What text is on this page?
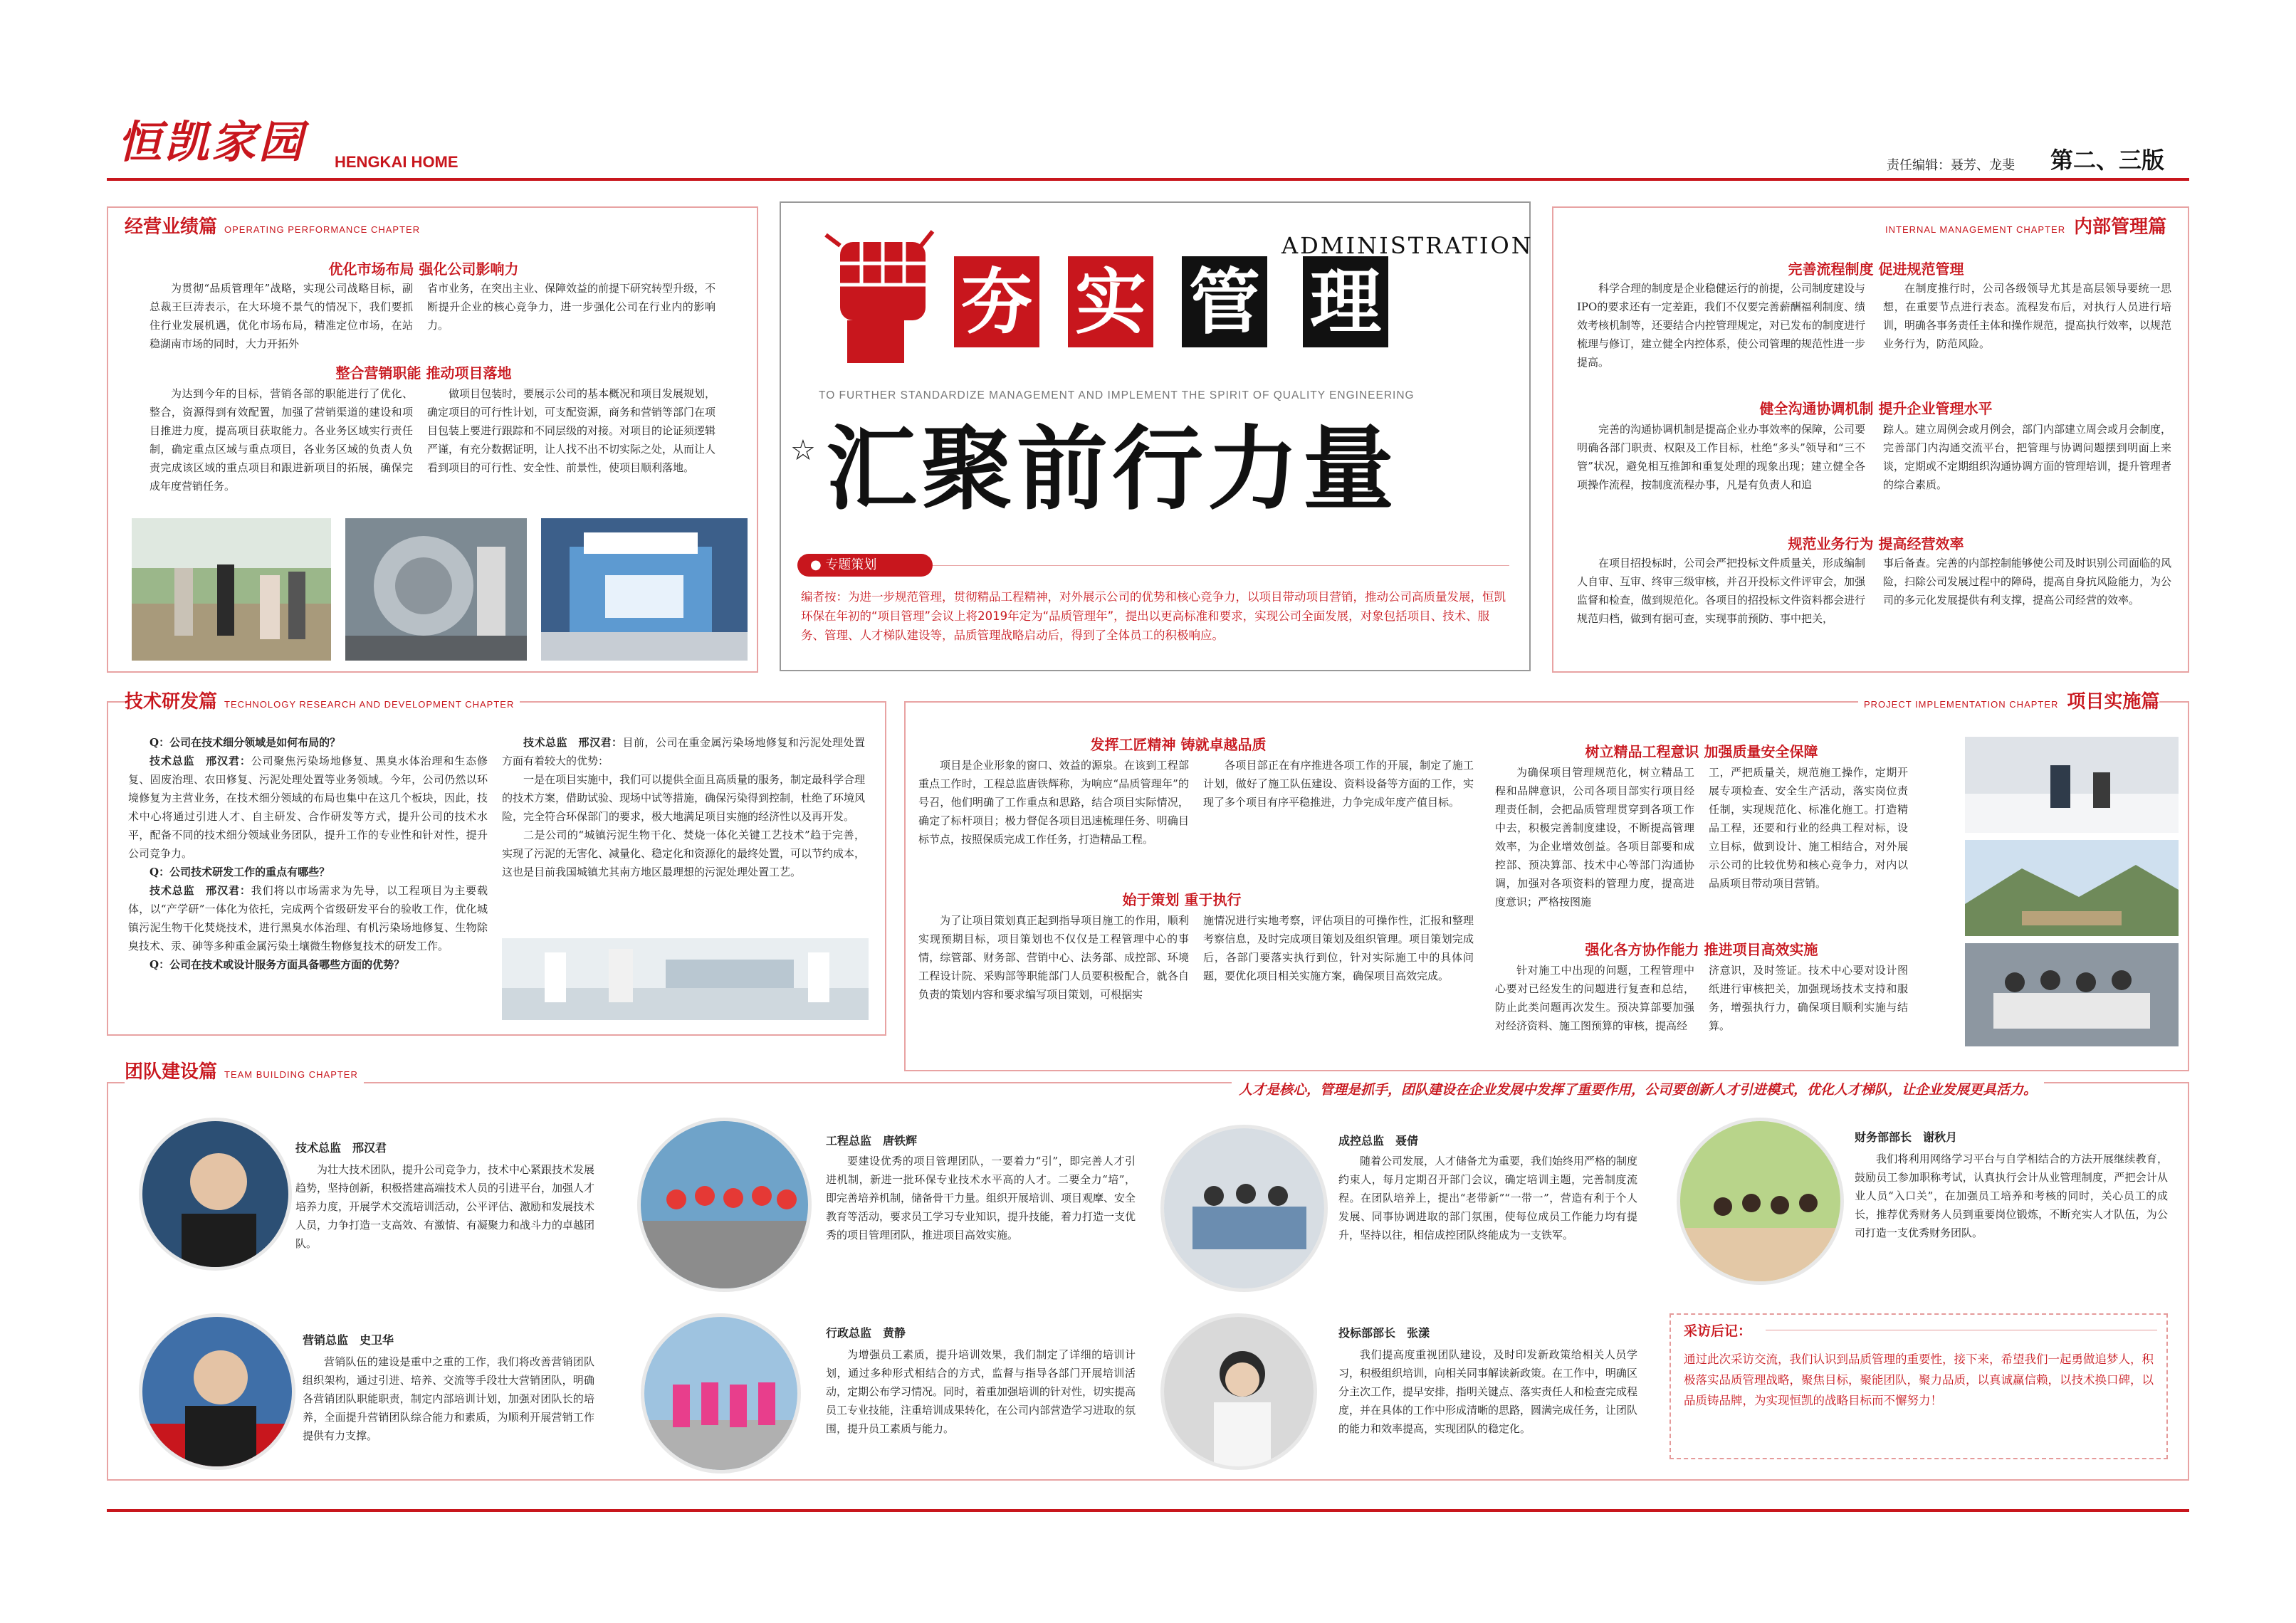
恒凯家园	HENGKAI HOME	责任编辑：聂芳、龙斐 第二、三版
经营业绩篇 OPERATING PERFORMANCE CHAPTER
优化市场布局 强化公司影响力
为贯彻“品质管理年”战略，实现公司战略目标，副总裁王巨涛表示，在大环境不景气的情况下，我们要抓住行业发展机遇，优化市场布局，精准定位市场，在站稳湖南市场的同时，大力开拓外
省市业务，在突出主业、保障效益的前提下研究转型升级，不断提升企业的核心竞争力，进一步强化公司在行业内的影响力。
整合营销职能 推动项目落地
为达到今年的目标，营销各部的职能进行了优化、整合，资源得到有效配置，加强了营销渠道的建设和项目推进力度，提高项目获取能力。各业务区域实行责任制，确定重点区域与重点项目，各业务区域的负责人负责完成该区域的重点项目和跟进新项目的拓展，确保完成年度营销任务。
做项目包装时，要展示公司的基本概况和项目发展规划，确定项目的可行性计划，可支配资源，商务和营销等部门在项目包装上要进行跟踪和不同层级的对接。对项目的论证须逻辑严谨，有充分数据证明，让人找不出不切实际之处，从而让人看到项目的可行性、安全性、前景性，使项目顺利落地。
夯 实 管 理
ADMINISTRATION
TO FURTHER STANDARDIZE MANAGEMENT AND IMPLEMENT THE SPIRIT OF QUALITY ENGINEERING
☆ 汇聚前行力量
● 专题策划
编者按：为进一步规范管理，贯彻精品工程精神，对外展示公司的优势和核心竞争力，以项目带动项目营销，推动公司高质量发展，恒凯环保在年初的“项目管理”会议上将2019年定为“品质管理年”，提出以更高标准和要求，实现公司全面发展，对象包括项目、技术、服务、管理、人才梯队建设等，品质管理战略启动后，得到了全体员工的积极响应。
INTERNAL MANAGEMENT CHAPTER 内部管理篇
完善流程制度 促进规范管理
科学合理的制度是企业稳健运行的前提，公司制度建设与IPO的要求还有一定差距，我们不仅要完善薪酬福利制度、绩效考核机制等，还要结合内控管理规定，对已发布的制度进行梳理与修订，建立健全内控体系，使公司管理的规范性进一步提高。
在制度推行时，公司各级领导尤其是高层领导要统一思想，在重要节点进行表态。流程发布后，对执行人员进行培训，明确各事务责任主体和操作规范，提高执行效率，以规范业务行为，防范风险。
健全沟通协调机制 提升企业管理水平
完善的沟通协调机制是提高企业办事效率的保障，公司要明确各部门职责、权限及工作目标，杜绝“多头”领导和“三不管”状况，避免相互推卸和重复处理的现象出现；建立健全各项操作流程，按制度流程办事，凡是有负责人和追
踪人。建立周例会或月例会，部门内部建立周会或月会制度，完善部门内沟通交流平台，把管理与协调问题摆到明面上来谈，定期或不定期组织沟通协调方面的管理培训，提升管理者的综合素质。
规范业务行为 提高经营效率
在项目招投标时，公司会严把投标文件质量关，形成编制人自审、互审、终审三级审核，并召开投标文件评审会，加强监督和检查，做到规范化。各项目的招投标文件资料都会进行规范归档，做到有据可查，实现事前预防、事中把关，
事后备查。完善的内部控制能够使公司及时识别公司面临的风险，扫除公司发展过程中的障碍，提高自身抗风险能力，为公司的多元化发展提供有利支撑，提高公司经营的效率。
技术研发篇 TECHNOLOGY RESEARCH AND DEVELOPMENT CHAPTER

Q：公司在技术细分领域是如何布局的？

技术总监　邢汉君：公司聚焦污染场地修复、黑臭水体治理和生态修复、固废治理、农田修复、污泥处理处置等业务领域。今年，公司仍然以环境修复为主营业务，在技术细分领域的布局也集中在这几个板块，因此，技术中心将通过引进人才、自主研发、合作研发等方式，提升公司的技术水平，配备不同的技术细分领域业务团队，提升工作的专业性和针对性，提升公司竞争力。

Q：公司技术研发工作的重点有哪些？

技术总监　邢汉君：我们将以市场需求为先导，以工程项目为主要载体，以“产学研”一体化为依托，完成两个省级研发平台的验收工作，优化城镇污泥生物干化焚烧技术，进行黑臭水体治理、有机污染场地修复、生物除臭技术、汞、砷等多种重金属污染土壤微生物修复技术的研发工作。

Q：公司在技术或设计服务方面具备哪些方面的优势？

技术总监　邢汉君：目前，公司在重金属污染场地修复和污泥处理处置方面有着较大的优势：

一是在项目实施中，我们可以提供全面且高质量的服务，制定最科学合理的技术方案，借助试验、现场中试等措施，确保污染得到控制，杜绝了环境风险，完全符合环保部门的要求，极大地满足项目实施的经济性以及再开发。

二是公司的“城镇污泥生物干化、焚烧一体化关键工艺技术”趋于完善，实现了污泥的无害化、减量化、稳定化和资源化的最终处置，可以节约成本，这也是目前我国城镇尤其南方地区最理想的污泥处理处置工艺。

PROJECT IMPLEMENTATION CHAPTER 项目实施篇
发挥工匠精神 铸就卓越品质
项目是企业形象的窗口、效益的源泉。在该到工程部重点工作时，工程总监唐铁辉称，为响应“品质管理年”的号召，他们明确了工作重点和思路，结合项目实际情况，确定了标杆项目；极力督促各项目迅速梳理任务、明确目标节点，按照保质完成工作任务，打造精品工程。
各项目部正在有序推进各项工作的开展，制定了施工计划，做好了施工队伍建设、资料设备等方面的工作，实现了多个项目有序平稳推进，力争完成年度产值目标。
始于策划 重于执行
为了让项目策划真正起到指导项目施工的作用，顺利实现预期目标，项目策划也不仅仅是工程管理中心的事情，综管部、财务部、营销中心、法务部、成控部、环境工程设计院、采购部等职能部门人员要积极配合，就各自负责的策划内容和要求编写项目策划，可根据实
施情况进行实地考察，评估项目的可操作性，汇报和整理考察信息，及时完成项目策划及组织管理。项目策划完成后，各部门要落实执行到位，针对实际施工中的具体问题，要优化项目相关实施方案，确保项目高效完成。
树立精品工程意识 加强质量安全保障
为确保项目管理规范化，树立精品工程和品牌意识，公司各项目部实行项目经理责任制，会把品质管理贯穿到各项工作中去，积极完善制度建设，不断提高管理效率，为企业增效创益。各项目部要和成控部、预决算部、技术中心等部门沟通协调，加强对各项资料的管理力度，提高进度意识；严格按图施
工，严把质量关，规范施工操作，定期开展专项检查、安全生产活动，落实岗位责任制，实现规范化、标准化施工。打造精品工程，还要和行业的经典工程对标，设立目标，做到设计、施工相结合，对外展示公司的比较优势和核心竞争力，对内以品质项目带动项目营销。
强化各方协作能力 推进项目高效实施
针对施工中出现的问题，工程管理中心要对已经发生的问题进行复查和总结，防止此类问题再次发生。预决算部要加强对经济资料、施工图预算的审核，提高经
济意识，及时签证。技术中心要对设计图纸进行审核把关，加强现场技术支持和服务，增强执行力，确保项目顺利实施与结算。
团队建设篇 TEAM BUILDING CHAPTER
人才是核心，管理是抓手，团队建设在企业发展中发挥了重要作用，公司要创新人才引进模式，优化人才梯队，让企业发展更具活力。
技术总监　邢汉君
为壮大技术团队，提升公司竞争力，技术中心紧跟技术发展趋势，坚持创新，积极搭建高端技术人员的引进平台，加强人才培养力度，开展学术交流培训活动，公平评估、激励和发展技术人员，力争打造一支高效、有激情、有凝聚力和战斗力的卓越团队。
工程总监　唐铁辉
要建设优秀的项目管理团队，一要着力“引”，即完善人才引进机制，新进一批环保专业技术水平高的人才。二要全力“培”，即完善培养机制，储备骨干力量。组织开展培训、项目观摩、安全教育等活动，要求员工学习专业知识，提升技能，着力打造一支优秀的项目管理团队，推进项目高效实施。
成控总监　聂倩
随着公司发展，人才储备尤为重要，我们始终用严格的制度约束人，每月定期召开部门会议，确定培训主题，完善制度流程。在团队培养上，提出“老带新”“一带一”，营造有利于个人发展、同事协调进取的部门氛围，使每位成员工作能力均有提升，坚持以往，相信成控团队终能成为一支铁军。
财务部部长　谢秋月
我们将利用网络学习平台与自学相结合的方法开展继续教育，鼓励员工参加职称考试，认真执行会计从业管理制度，严把会计从业人员“入口关”，在加强员工培养和考核的同时，关心员工的成长，推荐优秀财务人员到重要岗位锻炼，不断充实人才队伍，为公司打造一支优秀财务团队。
营销总监　史卫华
营销队伍的建设是重中之重的工作，我们将改善营销团队组织架构，通过引进、培养、交流等手段壮大营销团队，明确各营销团队职能职责，制定内部培训计划，加强对团队长的培养，全面提升营销团队综合能力和素质，为顺利开展营销工作提供有力支撑。
行政总监　黄静
为增强员工素质，提升培训效果，我们制定了详细的培训计划，通过多种形式相结合的方式，监督与指导各部门开展培训活动，定期公布学习情况。同时，着重加强培训的针对性，切实提高员工专业技能，注重培训成果转化，在公司内部营造学习进取的氛围，提升员工素质与能力。
投标部部长　张漾
我们提高度重视团队建设，及时印发新政策给相关人员学习，积极组织培训，向相关同事解读新政策。在工作中，明确区分主次工作，提早安排，指明关键点、落实责任人和检查完成程度，并在具体的工作中形成清晰的思路，圆满完成任务，让团队的能力和效率提高，实现团队的稳定化。
采访后记：
通过此次采访交流，我们认识到品质管理的重要性，接下来，希望我们一起勇做追梦人，积极落实品质管理战略，聚焦目标，聚能团队，聚力品质，以真诚赢信赖，以技术换口碑，以品质铸品牌，为实现恒凯的战略目标而不懈努力！
